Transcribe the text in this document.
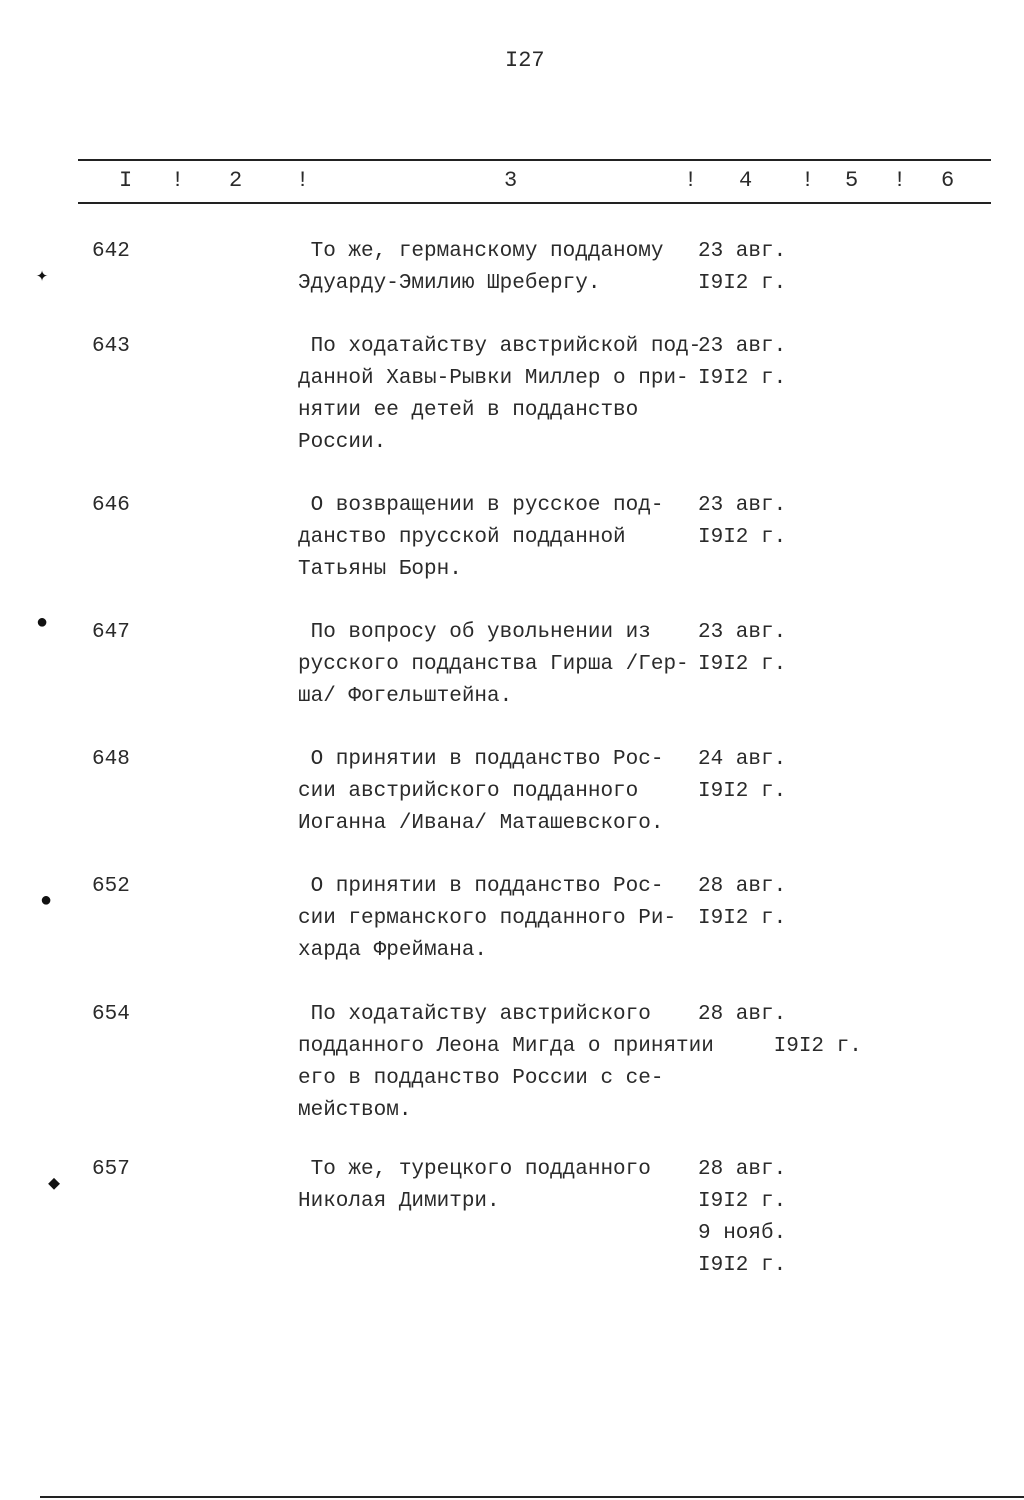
I27
I ! 2 !	3	! 4 ! 5 ! 6
✦
●
●
◆
642	То же, германскому подданому
Эдуарду-Эмилию Шребергу.
23 авг.
I9I2 г.
643	По ходатайству австрийской под-
данной Хавы-Рывки Миллер о при-
нятии ее детей в подданство
России.
23 авг.
I9I2 г.
646	О возвращении в русское под-
данство прусской подданной
Татьяны Борн.
23 авг.
I9I2 г.
647	По вопросу об увольнении из
русского подданства Гирша /Гер-
ша/ Фогельштейна.
23 авг.
I9I2 г.
648	О принятии в подданство Рос-
сии австрийского подданного
Иоганна /Ивана/ Маташевского.
24 авг.
I9I2 г.
652	О принятии в подданство Рос-
сии германского подданного Ри-
харда Фреймана.
28 авг.
I9I2 г.
654	По ходатайству австрийского
подданного Леона Мигда о принятии
его в подданство России с се-
мейством.
28 авг.
I9I2 г.
657	То же, турецкого подданного
Николая Димитри.
28 авг.
I9I2 г.
9 нояб.
I9I2 г.
